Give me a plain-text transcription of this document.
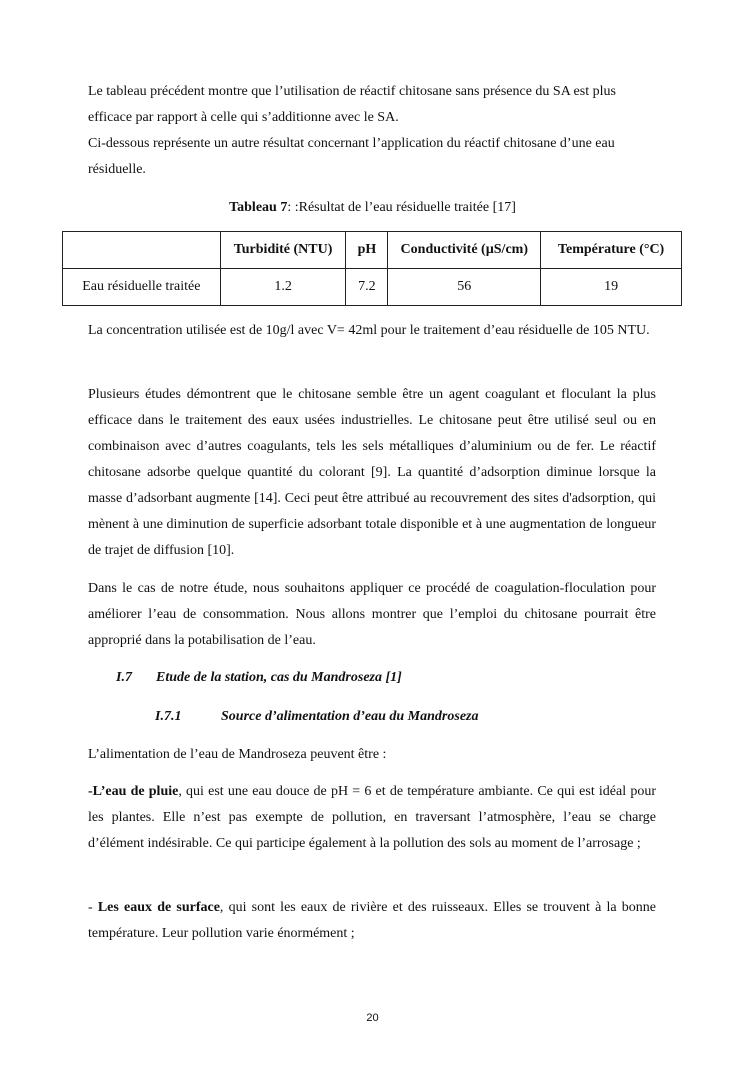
Le tableau précédent montre que l’utilisation de réactif chitosane sans présence du SA est plus efficace par rapport à celle qui s’additionne avec le SA.

Ci-dessous représente un autre résultat concernant l’application du réactif chitosane d’une eau résiduelle.

Tableau 7: :Résultat de l’eau résiduelle traitée [17]
	Turbidité (NTU)	pH	Conductivité (µS/cm)	Température (°C)
Eau résiduelle traitée	1.2	7.2	56	19

La concentration utilisée est de 10g/l avec V= 42ml pour le traitement d’eau résiduelle de 105 NTU.

Plusieurs études démontrent que le chitosane semble être un agent coagulant et floculant la plus efficace dans le traitement des eaux usées industrielles. Le chitosane peut être utilisé seul ou en combinaison avec d’autres coagulants, tels les sels métalliques d’aluminium ou de fer. Le réactif chitosane adsorbe quelque quantité du colorant [9]. La quantité d’adsorption diminue lorsque la masse d’adsorbant augmente [14]. Ceci peut être attribué au recouvrement des sites d'adsorption, qui mènent à une diminution de superficie adsorbant totale disponible et à une augmentation de longueur de trajet de diffusion [10].

Dans le cas de notre étude, nous souhaitons appliquer ce procédé de coagulation-floculation pour améliorer l’eau de consommation. Nous allons montrer que l’emploi du chitosane pourrait être approprié dans la potabilisation de l’eau.

I.7 Etude de la station, cas du Mandroseza [1]
I.7.1	Source d’alimentation d’eau du Mandroseza

L’alimentation de l’eau de Mandroseza peuvent être :

-L’eau de pluie, qui est une eau douce de pH = 6 et de température ambiante. Ce qui est idéal pour les plantes. Elle n’est pas exempte de pollution, en traversant l’atmosphère, l’eau se charge d’élément indésirable. Ce qui participe également à la pollution des sols au moment de l’arrosage ;

- Les eaux de surface, qui sont les eaux de rivière et des ruisseaux. Elles se trouvent à la bonne température. Leur pollution varie énormément ;

20
